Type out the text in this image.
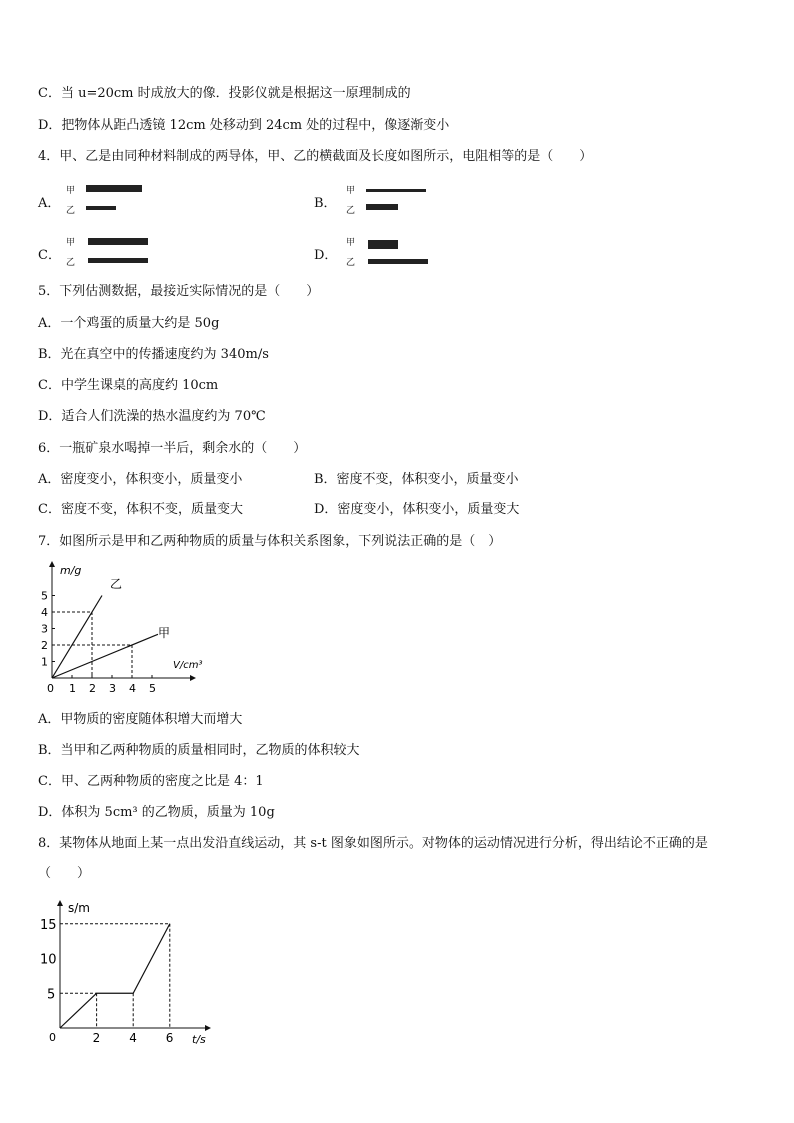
C．当 u=20cm 时成放大的像．投影仪就是根据这一原理制成的
D．把物体从距凸透镜 12cm 处移动到 24cm 处的过程中，像逐渐变小
4．甲、乙是由同种材料制成的两导体，甲、乙的横截面及长度如图所示，电阻相等的是（　　）
A．
甲
乙	B．
甲
乙
C．
甲
乙	D．
甲
乙
5．下列估测数据，最接近实际情况的是（　　）
A．一个鸡蛋的质量大约是 50g
B．光在真空中的传播速度约为 340m/s
C．中学生课桌的高度约 10cm
D．适合人们洗澡的热水温度约为 70℃
6．一瓶矿泉水喝掉一半后，剩余水的（　　）
A．密度变小，体积变小，质量变小	B．密度不变，体积变小，质量变小
C．密度不变，体积不变，质量变大	D．密度变小，体积变小，质量变大
7．如图所示是甲和乙两种物质的质量与体积关系图象，下列说法正确的是（　）
1 2 3 4 5
1
2
3
4
5
m/g
V/cm³
0
乙
甲
A．甲物质的密度随体积增大而增大
B．当甲和乙两种物质的质量相同时，乙物质的体积较大
C．甲、乙两种物质的密度之比是 4：1
D．体积为 5cm³ 的乙物质，质量为 10g
8．某物体从地面上某一点出发沿直线运动，其 s-t 图象如图所示。对物体的运动情况进行分析，得出结论不正确的是
（　　）
2 4 6
5
10
15
s/m
t/s
0
